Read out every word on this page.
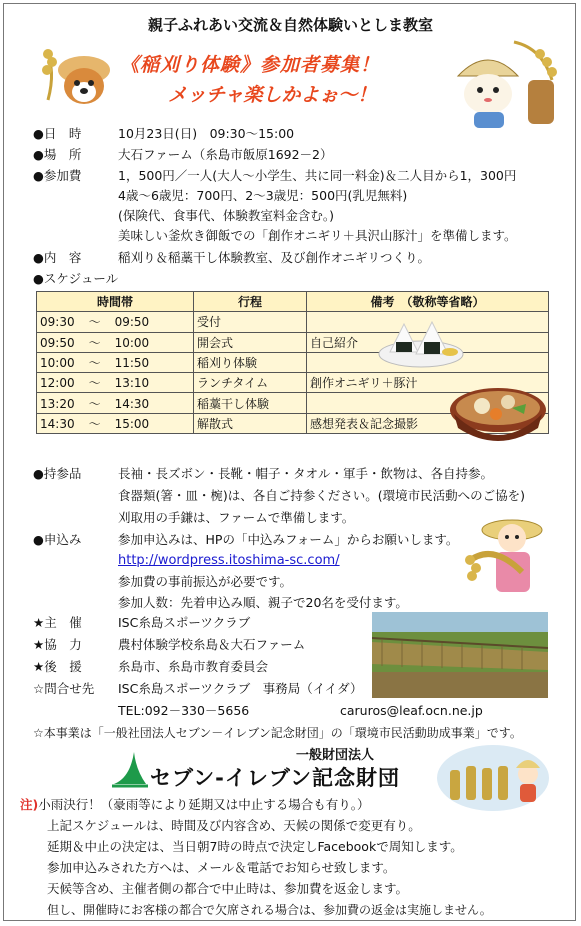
親子ふれあい交流＆自然体験いとしま教室
《稲刈り体験》参加者募集！
メッチャ楽しかよぉ～！
●日　時	10月23日(日)　09:30～15:00
●場　所	大石ファーム（糸島市飯原1692－2）
●参加費	1，500円／一人(大人～小学生、共に同一料金)＆二人目から1，300円
4歳～6歳児：700円、2～3歳児：500円(乳児無料)
(保険代、食事代、体験教室料金含む。)
美味しい釜炊き御飯での「創作オニギリ＋具沢山豚汁」を準備します。
●内　容	稲刈り＆稲藁干し体験教室、及び創作オニギリつくり。
●スケジュール
時間帯	行程	備考　（敬称等省略）
09:30 ～ 09:50	受付	
09:50 ～ 10:00	開会式	自己紹介
10:00 ～ 11:50	稲刈り体験	
12:00 ～ 13:10	ランチタイム	創作オニギリ＋豚汁
13:20 ～ 14:30	稲藁干し体験	
14:30 ～ 15:00	解散式	感想発表＆記念撮影
●持参品	長袖・長ズボン・長靴・帽子・タオル・軍手・飲物は、各自持参。
食器類(箸・皿・椀)は、各自ご持参ください。(環境市民活動へのご協を)
刈取用の手鎌は、ファームで準備します。
●申込み	参加申込みは、HPの「中込みフォーム」からお願いします。
http://wordpress.itoshima-sc.com/
参加費の事前振込が必要です。
参加人数：先着申込み順、親子で20名を受付ます。
★主　催	ISC糸島スポーツクラブ
★協　力	農村体験学校糸島＆大石ファーム
★後　援	糸島市、糸島市教育委員会
☆問合せ先 ISC糸島スポーツクラブ　事務局（イイダ）
TEL:092－330－5656	caruros@leaf.ocn.ne.jp
☆本事業は「一般社団法人セブン－イレブン記念財団」の「環境市民活動助成事業」です。
一般財団法人
セブン-イレブン記念財団
注)小雨決行！（豪雨等により延期又は中止する場合も有り。）
上記スケジュールは、時間及び内容含め、天候の関係で変更有り。
延期＆中止の決定は、当日朝7時の時点で決定しFacebookで周知します。
参加申込みされた方へは、メール＆電話でお知らせ致します。
天候等含め、主催者側の都合で中止時は、参加費を返金します。
但し、開催時にお客様の都合で欠席される場合は、参加費の返金は実施しません。
